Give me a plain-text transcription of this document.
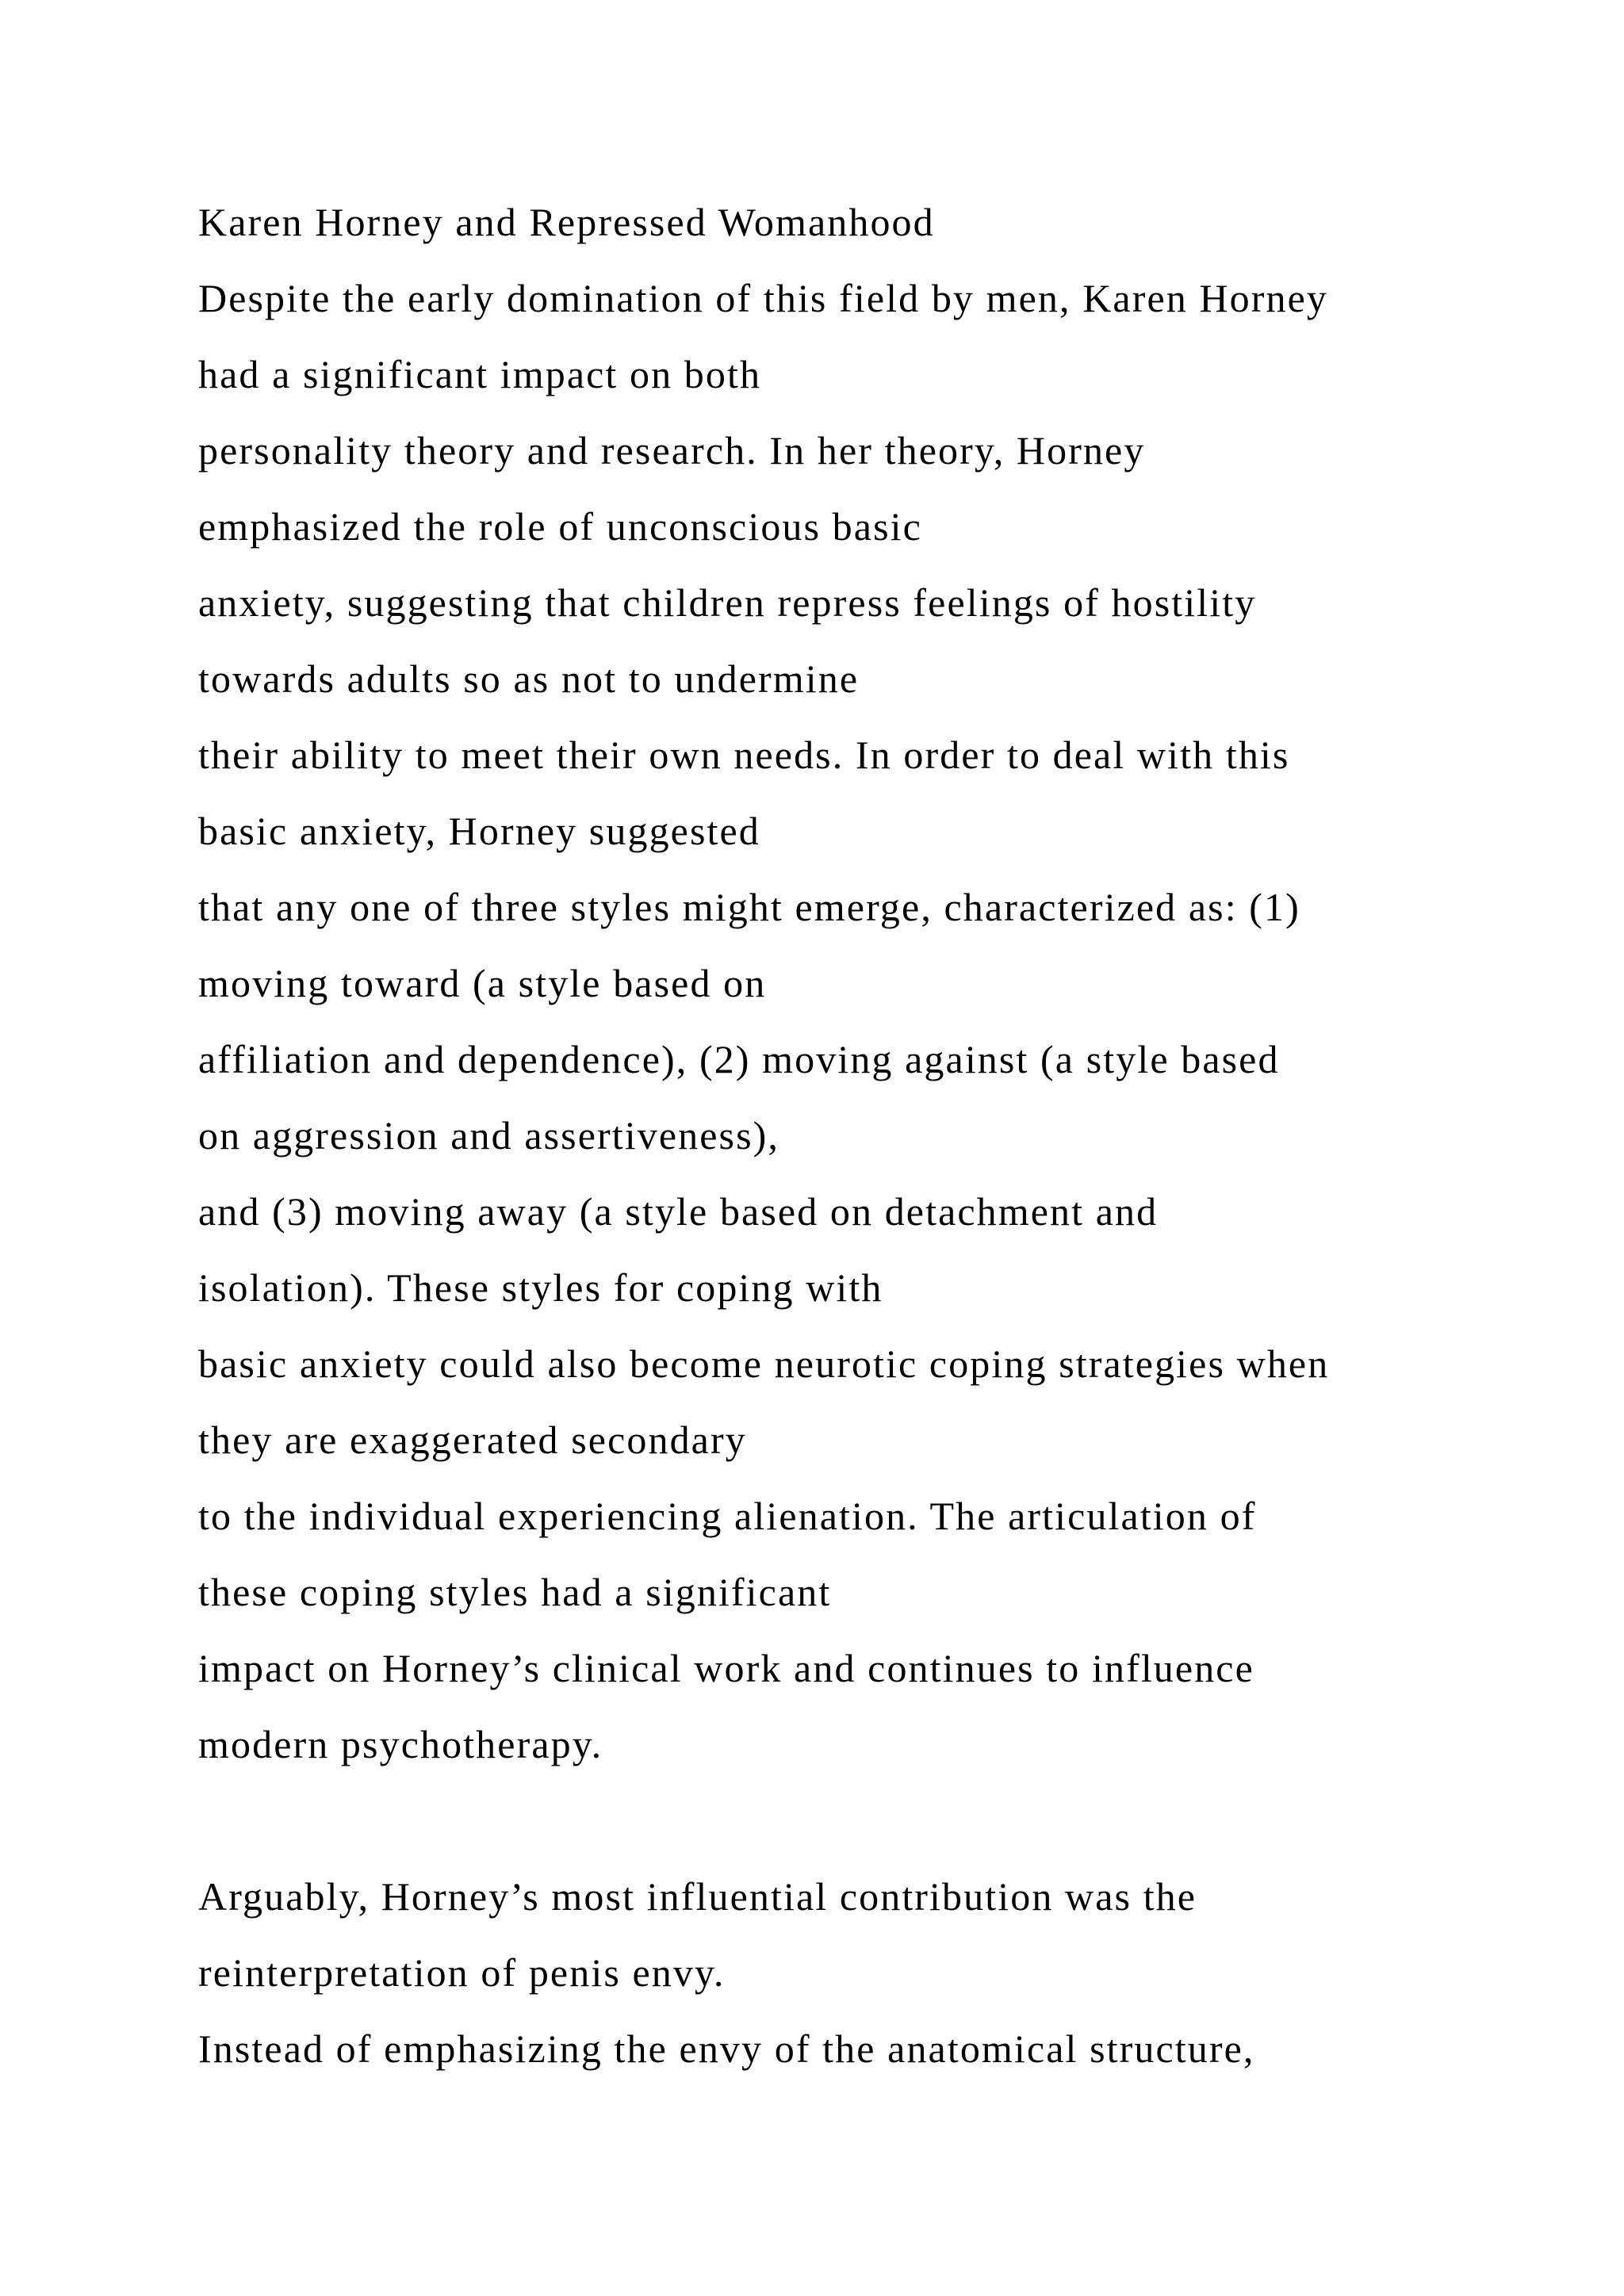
Karen Horney and Repressed Womanhood
Despite the early domination of this field by men, Karen Horney
had a significant impact on both
personality theory and research. In her theory, Horney
emphasized the role of unconscious basic
anxiety, suggesting that children repress feelings of hostility
towards adults so as not to undermine
their ability to meet their own needs. In order to deal with this
basic anxiety, Horney suggested
that any one of three styles might emerge, characterized as: (1)
moving toward (a style based on
affiliation and dependence), (2) moving against (a style based
on aggression and assertiveness),
and (3) moving away (a style based on detachment and
isolation). These styles for coping with
basic anxiety could also become neurotic coping strategies when
they are exaggerated secondary
to the individual experiencing alienation. The articulation of
these coping styles had a significant
impact on Horney’s clinical work and continues to influence
modern psychotherapy.
Arguably, Horney’s most influential contribution was the
reinterpretation of penis envy.
Instead of emphasizing the envy of the anatomical structure,
